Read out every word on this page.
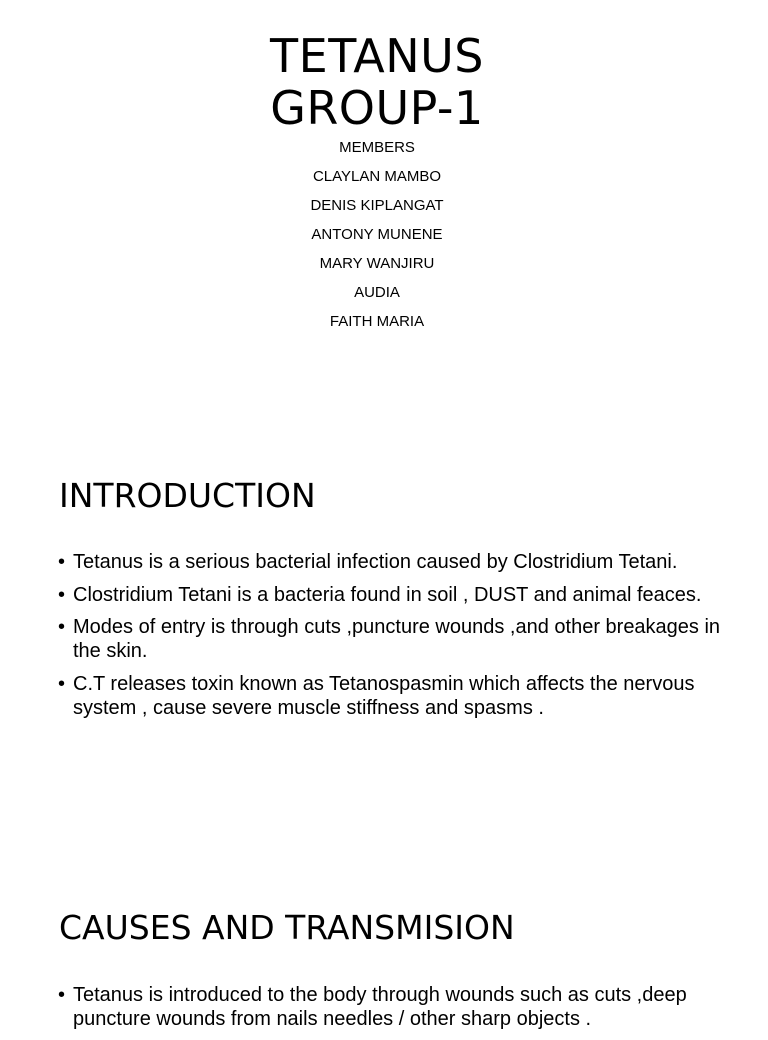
TETANUS
GROUP-1
MEMBERS
CLAYLAN MAMBO
DENIS KIPLANGAT
ANTONY MUNENE
MARY WANJIRU
AUDIA
FAITH MARIA
INTRODUCTION
• Tetanus is a serious bacterial infection caused by Clostridium Tetani.
• Clostridium Tetani is a bacteria found in soil , DUST and animal feaces.
• Modes of entry is through cuts ,puncture wounds ,and other breakages in the skin.
• C.T releases toxin known as Tetanospasmin which affects the nervous system , cause severe muscle stiffness and spasms .
CAUSES AND TRANSMISION
• Tetanus is introduced to the body through wounds such as cuts ,deep puncture wounds from nails needles / other sharp objects .
